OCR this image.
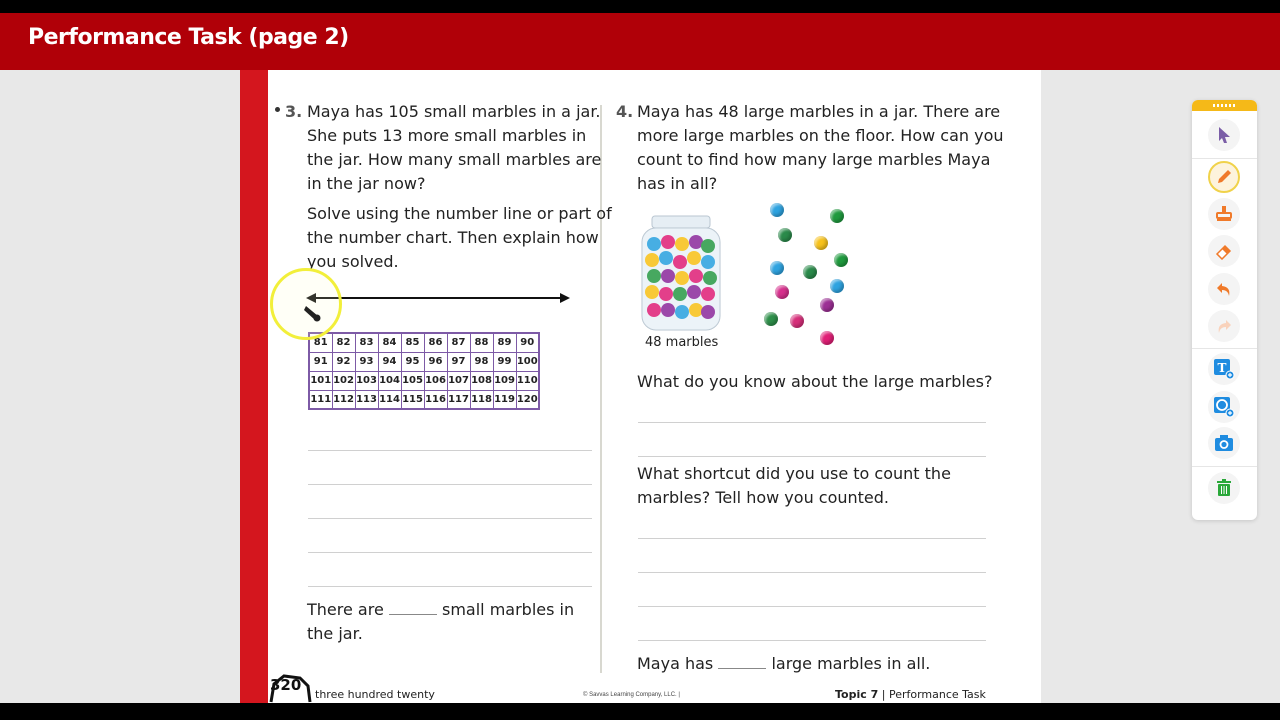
Performance Task (page 2)
3. Maya has 105 small marbles in a jar.
She puts 13 more small marbles in
the jar. How many small marbles are
in the jar now?
Solve using the number line or part of
the number chart. Then explain how
you solved.
81	82	83	84	85	86	87	88	89	90
91	92	93	94	95	96	97	98	99	100
101	102	103	104	105	106	107	108	109	110
111	112	113	114	115	116	117	118	119	120
There are	small marbles in
the jar.
4. Maya has 48 large marbles in a jar. There are
more large marbles on the floor. How can you
count to find how many large marbles Maya
has in all?
48 marbles
What do you know about the large marbles?
What shortcut did you use to count the
marbles? Tell how you counted.
Maya has	large marbles in all.
320
three hundred twenty	© Savvas Learning Company, LLC. |	Topic 7 | Performance Task
T
